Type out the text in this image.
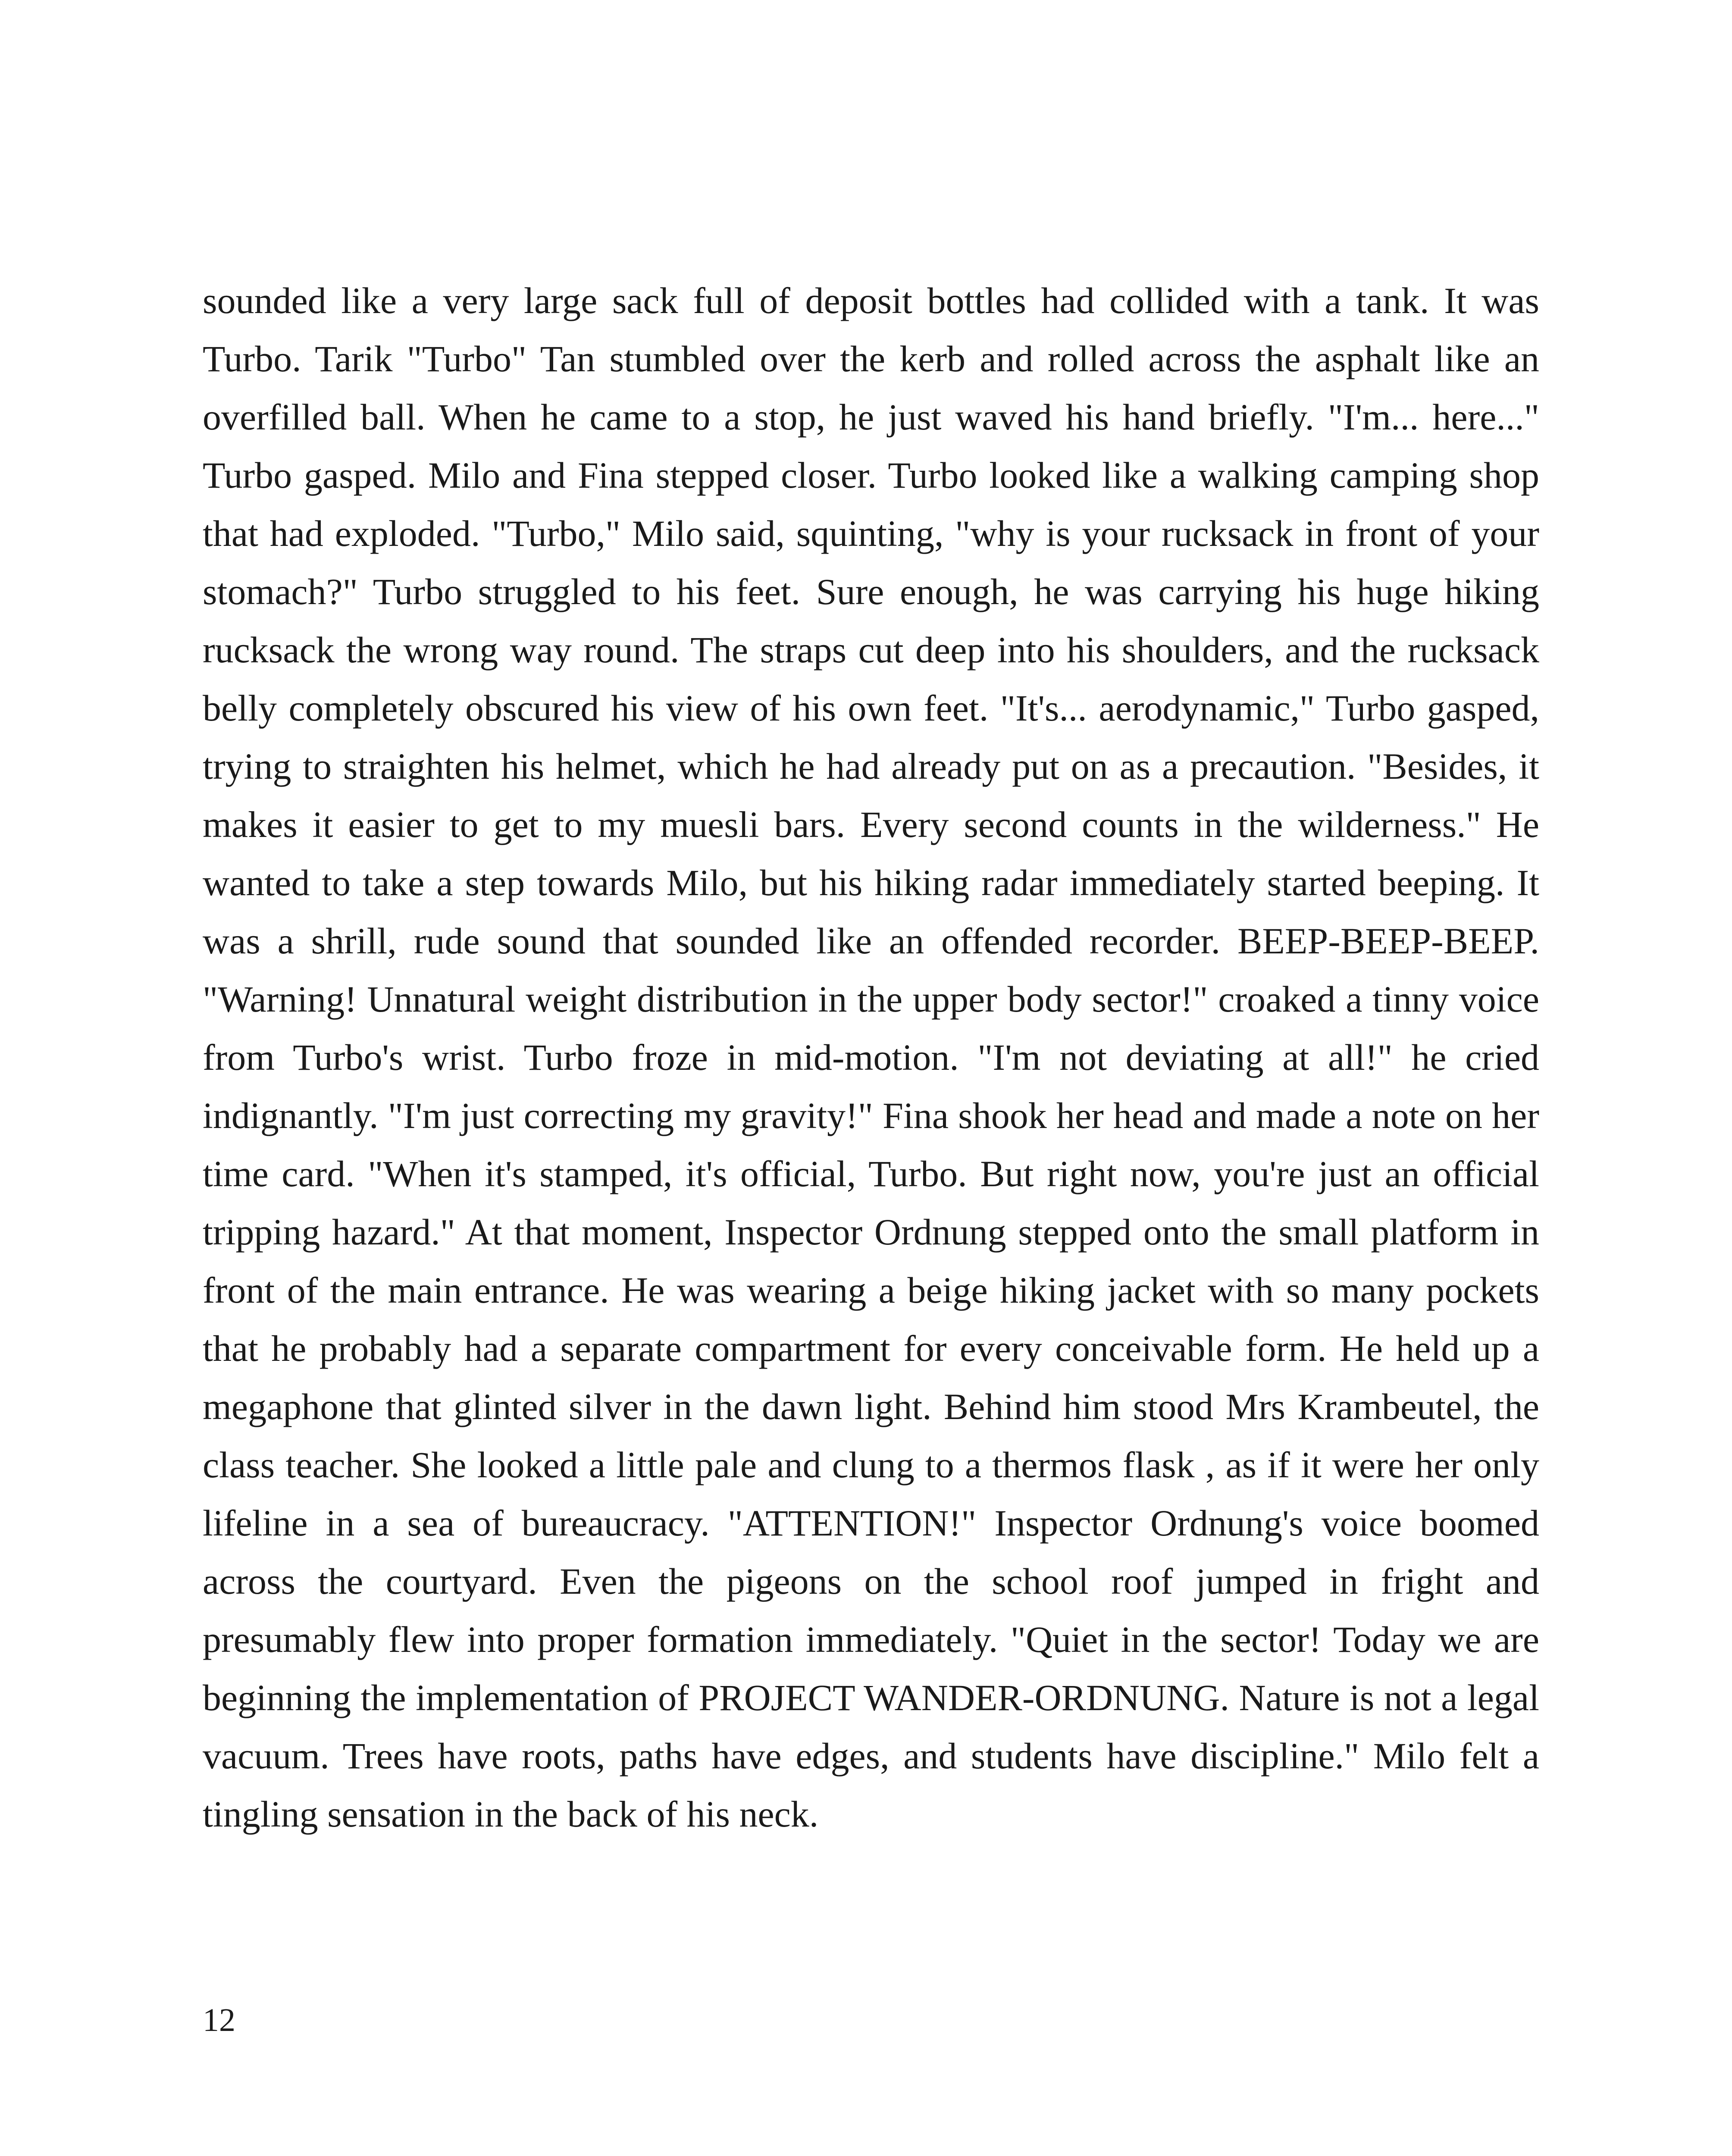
sounded like a very large sack full of deposit bottles had collided with a tank. It was Turbo. Tarik "Turbo" Tan stumbled over the kerb and rolled across the asphalt like an overfilled ball. When he came to a stop, he just waved his hand briefly. "I'm... here..." Turbo gasped. Milo and Fina stepped closer. Turbo looked like a walking camping shop that had exploded. "Turbo," Milo said, squinting, "why is your rucksack in front of your stomach?" Turbo struggled to his feet. Sure enough, he was carrying his huge hiking rucksack the wrong way round. The straps cut deep into his shoulders, and the rucksack belly completely obscured his view of his own feet. "It's... aerodynamic," Turbo gasped, trying to straighten his helmet, which he had already put on as a precaution. "Besides, it makes it easier to get to my muesli bars. Every second counts in the wilderness." He wanted to take a step towards Milo, but his hiking radar immediately started beeping. It was a shrill, rude sound that sounded like an offended recorder. BEEP-BEEP-BEEP. "Warning! Unnatural weight distribution in the upper body sector!" croaked a tinny voice from Turbo's wrist. Turbo froze in mid-motion. "I'm not deviating at all!" he cried indignantly. "I'm just correcting my gravity!" Fina shook her head and made a note on her time card. "When it's stamped, it's official, Turbo. But right now, you're just an official tripping hazard." At that moment, Inspector Ordnung stepped onto the small platform in front of the main entrance. He was wearing a beige hiking jacket with so many pockets that he probably had a separate compartment for every conceivable form. He held up a megaphone that glinted silver in the dawn light. Behind him stood Mrs Krambeutel, the class teacher. She looked a little pale and clung to a thermos flask , as if it were her only lifeline in a sea of bureaucracy. "ATTENTION!" Inspector Ordnung's voice boomed across the courtyard. Even the pigeons on the school roof jumped in fright and presumably flew into proper formation immediately. "Quiet in the sector! Today we are beginning the implementation of PROJECT WANDER-ORDNUNG. Nature is not a legal vacuum. Trees have roots, paths have edges, and students have discipline." Milo felt a tingling sensation in the back of his neck.

12
